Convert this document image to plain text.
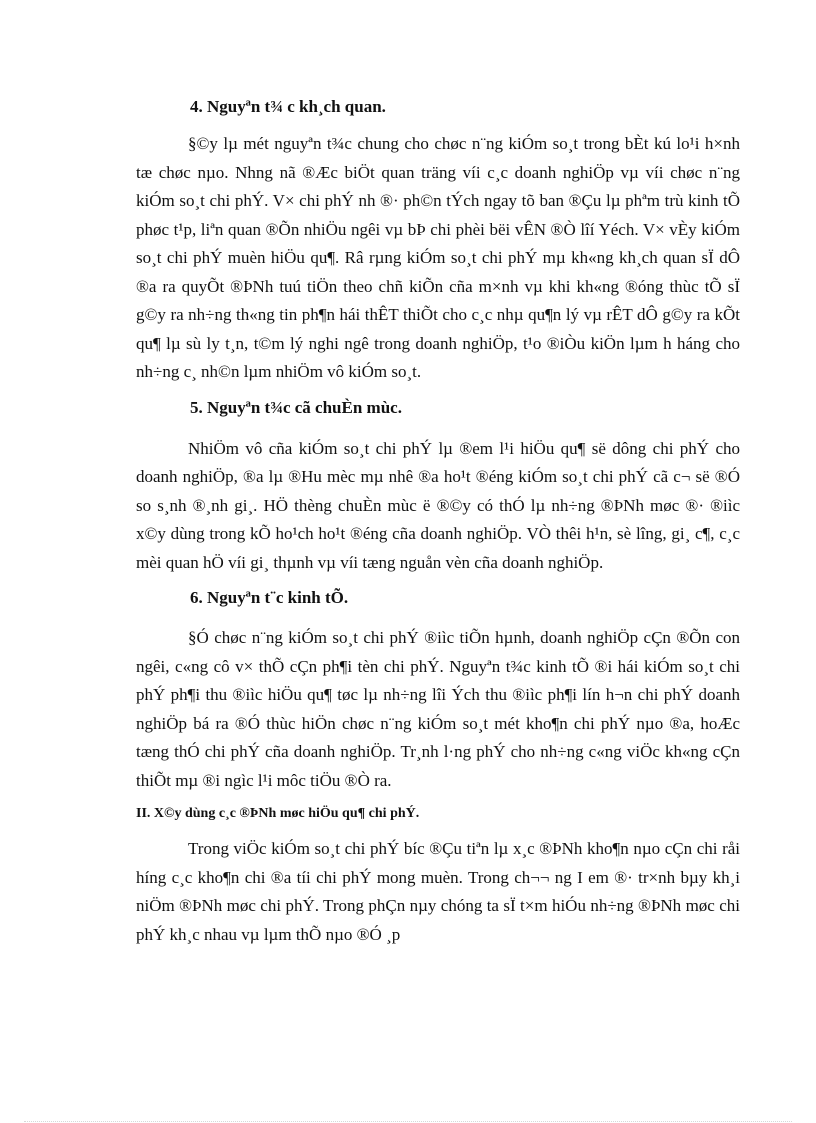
4. Nguyªn t¾ c kh¸ch quan.

§©y lµ mét nguyªn t¾c chung cho chøc n¨ng kiÓm so¸t trong bÈt kú lo¹i h×nh tæ chøc nµo. Nhng nã ®Æc biÖt quan träng víi c¸c doanh nghiÖp vµ víi chøc n¨ng kiÓm so¸t chi phÝ. V× chi phÝ nh ®· ph©n tÝch ngay tõ ban ®Çu lµ phªm trù kinh tÕ phøc t¹p, liªn quan ®Õn nhiÖu ngêi vµ bÞ chi phèi bëi vÊN ®Ò lîí Yéch. V× vÈy kiÓm so¸t chi phÝ muèn hiÖu qu¶. Râ rµng kiÓm so¸t chi phÝ mµ kh«ng kh¸ch quan sÏ dÔ ®a ra quyÕt ®ÞNh tuú tiÖn theo chñ kiÕn cña m×nh vµ khi kh«ng ®óng thùc tÕ sÏ g©y ra nh÷ng th«ng tin ph¶n hái thÊT thiÕt cho c¸c nhµ qu¶n lý vµ rÊT dÔ g©y ra kÕt qu¶ lµ sù ly t¸n, t©m lý nghi ngê trong doanh nghiÖp, t¹o ®iÒu kiÖn lµm h háng cho nh÷ng c¸ nh©n lµm nhiÖm vô kiÓm so¸t.

5. Nguyªn t¾c cã chuÈn mùc.

NhiÖm vô cña kiÓm so¸t chi phÝ lµ ®em l¹i hiÖu qu¶ së dông chi phÝ cho doanh nghiÖp, ®a lµ ®Hu mèc mµ nhê ®a ho¹t ®éng kiÓm so¸t chi phÝ cã c¬ së ®Ó so s¸nh ®¸nh gi¸. HÖ thèng chuÈn mùc ë ®©y có thÓ lµ nh÷ng ®ÞNh møc ®· ®iìc x©y dùng trong kÕ ho¹ch ho¹t ®éng cña doanh nghiÖp. VÒ thêi h¹n, sè lîng, gi¸ c¶, c¸c mèi quan hÖ víi gi¸ thµnh vµ víi tæng nguån vèn cña doanh nghiÖp.

6. Nguyªn t¨c kinh tÕ.

§Ó chøc n¨ng kiÓm so¸t chi phÝ ®iìc tiÕn hµnh, doanh nghiÖp cÇn ®Õn con ngêi, c«ng cô v× thÕ cÇn ph¶i tèn chi phÝ. Nguyªn t¾c kinh tÕ ®i hái kiÓm so¸t chi phÝ ph¶i thu ®iìc hiÖu qu¶ tøc lµ nh÷ng lîi Ých thu ®iìc ph¶i lín h¬n chi phÝ doanh nghiÖp bá ra ®Ó thùc hiÖn chøc n¨ng kiÓm so¸t mét kho¶n chi phÝ nµo ®a, hoÆc tæng thÓ chi phÝ cña doanh nghiÖp. Tr¸nh l·ng phÝ cho nh÷ng c«ng viÖc kh«ng cÇn thiÕt mµ ®i ngìc l¹i môc tiÖu ®Ò ra.

II. X©y dùng c¸c ®ÞNh møc hiÖu qu¶ chi phÝ.

Trong viÖc kiÓm so¸t chi phÝ bíc ®Çu tiªn lµ x¸c ®ÞNh kho¶n nµo cÇn chi råi híng c¸c kho¶n chi ®a tíi chi phÝ mong muèn. Trong ch¬¬ ng I em ®· tr×nh bµy kh¸i niÖm ®ÞNh møc chi phÝ. Trong phÇn nµy chóng ta sÏ t×m hiÓu nh÷ng ®ÞNh møc chi phÝ kh¸c nhau vµ lµm thÕ nµo ®Ó ¸p
